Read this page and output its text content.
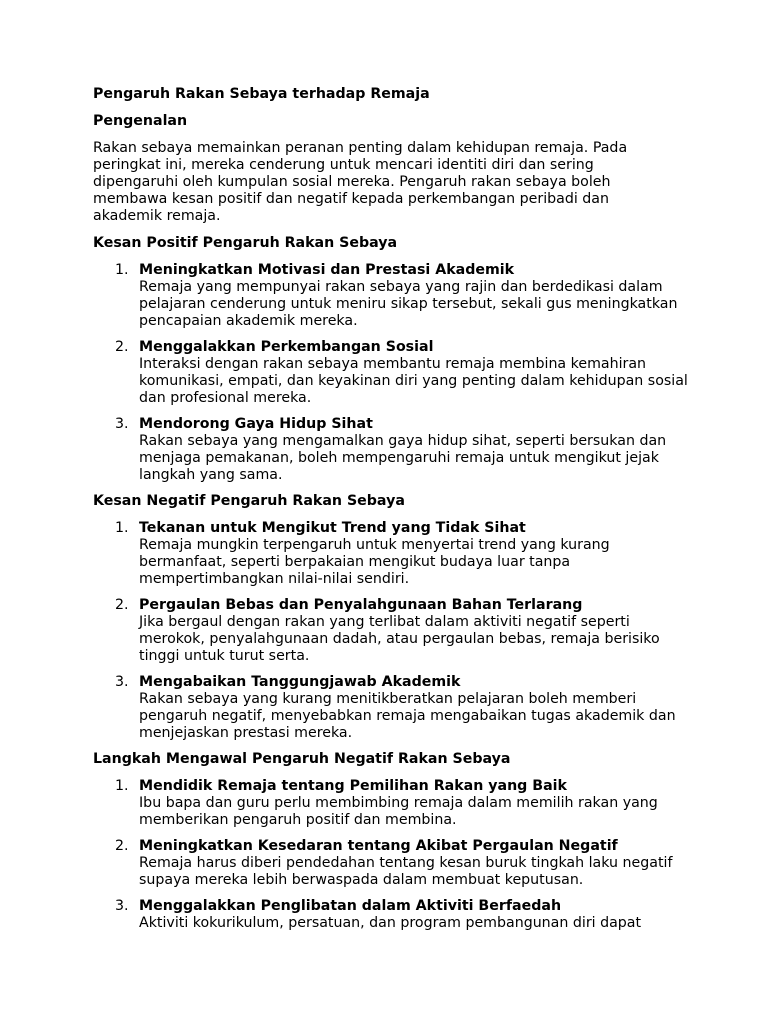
Pengaruh Rakan Sebaya terhadap Remaja

Pengenalan

Rakan sebaya memainkan peranan penting dalam kehidupan remaja. Pada peringkat ini, mereka cenderung untuk mencari identiti diri dan sering dipengaruhi oleh kumpulan sosial mereka. Pengaruh rakan sebaya boleh membawa kesan positif dan negatif kepada perkembangan peribadi dan akademik remaja.

Kesan Positif Pengaruh Rakan Sebaya

1. Meningkatkan Motivasi dan Prestasi Akademik
Remaja yang mempunyai rakan sebaya yang rajin dan berdedikasi dalam pelajaran cenderung untuk meniru sikap tersebut, sekali gus meningkatkan pencapaian akademik mereka.
2. Menggalakkan Perkembangan Sosial
Interaksi dengan rakan sebaya membantu remaja membina kemahiran komunikasi, empati, dan keyakinan diri yang penting dalam kehidupan sosial dan profesional mereka.
3. Mendorong Gaya Hidup Sihat
Rakan sebaya yang mengamalkan gaya hidup sihat, seperti bersukan dan menjaga pemakanan, boleh mempengaruhi remaja untuk mengikut jejak langkah yang sama.

Kesan Negatif Pengaruh Rakan Sebaya

1. Tekanan untuk Mengikut Trend yang Tidak Sihat
Remaja mungkin terpengaruh untuk menyertai trend yang kurang bermanfaat, seperti berpakaian mengikut budaya luar tanpa mempertimbangkan nilai-nilai sendiri.
2. Pergaulan Bebas dan Penyalahgunaan Bahan Terlarang
Jika bergaul dengan rakan yang terlibat dalam aktiviti negatif seperti merokok, penyalahgunaan dadah, atau pergaulan bebas, remaja berisiko tinggi untuk turut serta.
3. Mengabaikan Tanggungjawab Akademik
Rakan sebaya yang kurang menitikberatkan pelajaran boleh memberi pengaruh negatif, menyebabkan remaja mengabaikan tugas akademik dan menjejaskan prestasi mereka.

Langkah Mengawal Pengaruh Negatif Rakan Sebaya

1. Mendidik Remaja tentang Pemilihan Rakan yang Baik
Ibu bapa dan guru perlu membimbing remaja dalam memilih rakan yang memberikan pengaruh positif dan membina.
2. Meningkatkan Kesedaran tentang Akibat Pergaulan Negatif
Remaja harus diberi pendedahan tentang kesan buruk tingkah laku negatif supaya mereka lebih berwaspada dalam membuat keputusan.
3. Menggalakkan Penglibatan dalam Aktiviti Berfaedah
Aktiviti kokurikulum, persatuan, dan program pembangunan diri dapat
